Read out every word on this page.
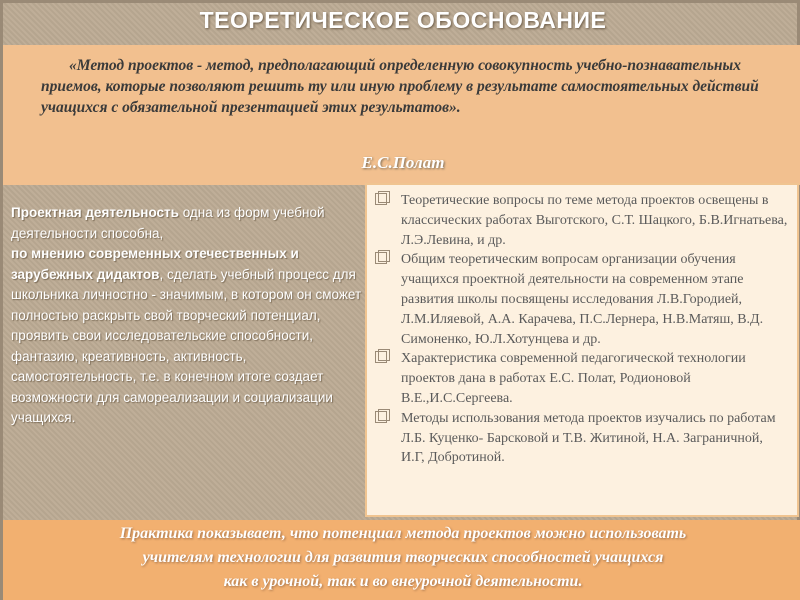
ТЕОРЕТИЧЕСКОЕ ОБОСНОВАНИЕ

«Метод проектов - метод, предполагающий определенную совокупность учебно-познавательных приемов, которые позволяют решить ту или иную проблему в результате самостоятельных действий учащихся с обязательной презентацией этих результатов».

Е.С.Полат

Проектная деятельность одна из форм учебной деятельности способна,
по мнению современных отечественных и зарубежных дидактов, сделать учебный процесс для школьника личностно - значимым, в котором он сможет полностью раскрыть свой творческий потенциал, проявить свои исследовательские способности, фантазию, креативность, активность, самостоятельность, т.е. в конечном итоге создает возможности для самореализации и социализации учащихся.

Теоретические вопросы по теме метода проектов освещены в классических работах Выготского, С.Т. Шацкого, Б.В.Игнатьева, Л.Э.Левина, и др.
Общим теоретическим вопросам организации обучения учащихся проектной деятельности на современном этапе развития школы посвящены исследования Л.В.Городией, Л.М.Иляевой, А.А. Карачева, П.С.Лернера, Н.В.Матяш, В.Д. Симоненко, Ю.Л.Хотунцева и др.
Характеристика современной педагогической технологии проектов дана в работах Е.С. Полат, Родионовой В.Е.,И.С.Сергеева.
Методы использования метода проектов изучались по работам Л.Б. Куценко- Барсковой и Т.В. Житиной, Н.А. Заграничной, И.Г, Добротиной.

Практика показывает, что потенциал метода проектов можно использовать
учителям технологии для развития творческих способностей учащихся
как в урочной, так и во внеурочной деятельности.
